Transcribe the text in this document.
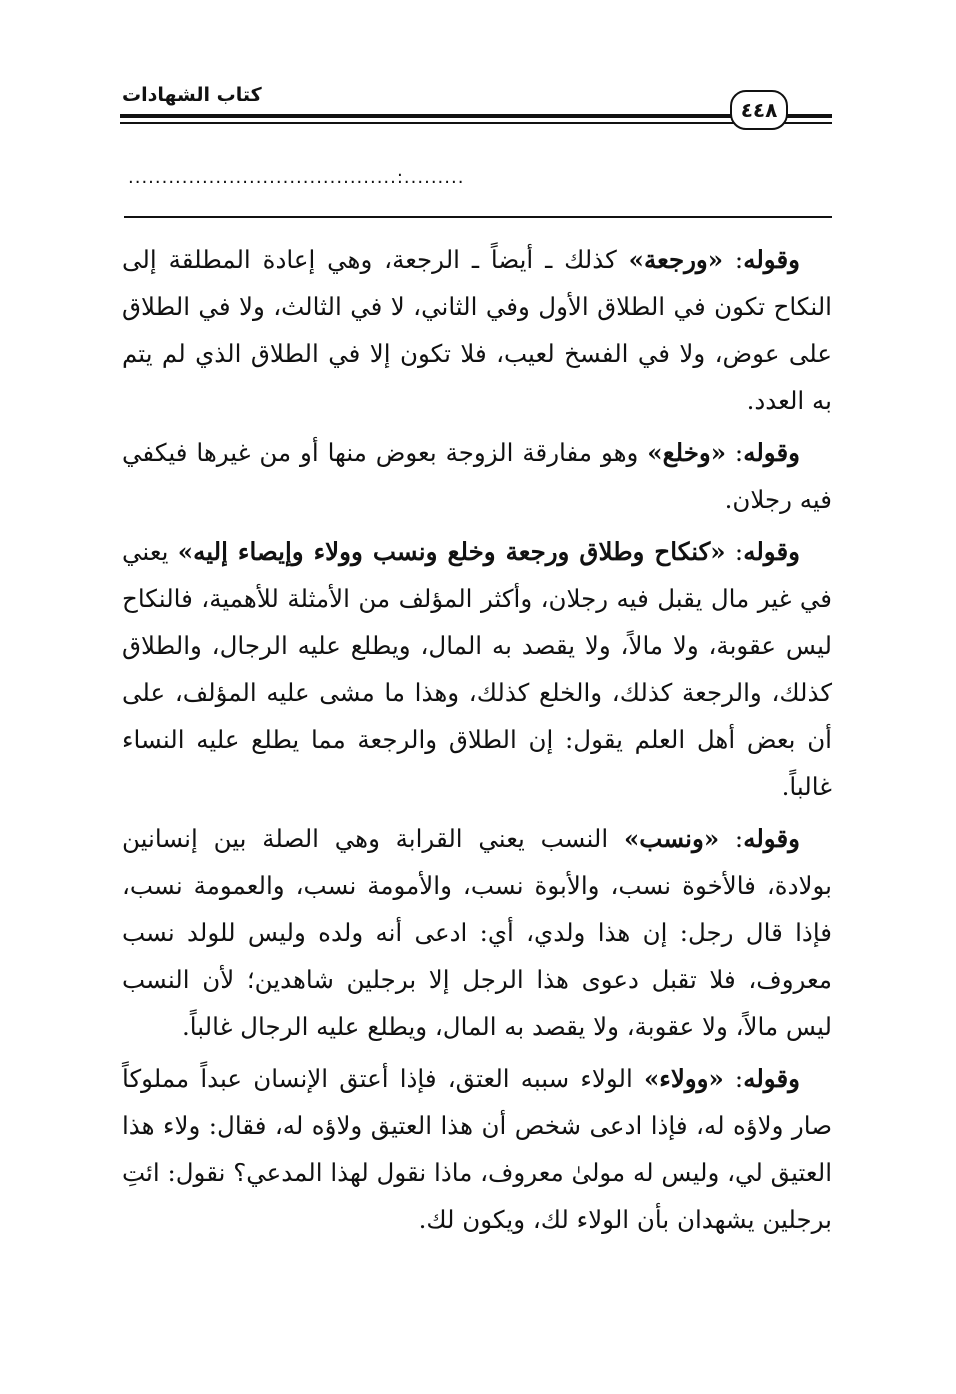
كتاب الشهادات
٤٤٨
........................................:.........

وقوله: «ورجعة» كذلك ـ أيضاً ـ الرجعة، وهي إعادة المطلقة إلى النكاح تكون في الطلاق الأول وفي الثاني، لا في الثالث، ولا في الطلاق على عوض، ولا في الفسخ لعيب، فلا تكون إلا في الطلاق الذي لم يتم به العدد.

وقوله: «وخلع» وهو مفارقة الزوجة بعوض منها أو من غيرها فيكفي فيه رجلان.

وقوله: «كنكاح وطلاق ورجعة وخلع ونسب وولاء وإيصاء إليه» يعني في غير مال يقبل فيه رجلان، وأكثر المؤلف من الأمثلة للأهمية، فالنكاح ليس عقوبة، ولا مالاً، ولا يقصد به المال، ويطلع عليه الرجال، والطلاق كذلك، والرجعة كذلك، والخلع كذلك، وهذا ما مشى عليه المؤلف، على أن بعض أهل العلم يقول: إن الطلاق والرجعة مما يطلع عليه النساء غالباً.

وقوله: «ونسب» النسب يعني القرابة وهي الصلة بين إنسانين بولادة، فالأخوة نسب، والأبوة نسب، والأمومة نسب، والعمومة نسب، فإذا قال رجل: إن هذا ولدي، أي: ادعى أنه ولده وليس للولد نسب معروف، فلا تقبل دعوى هذا الرجل إلا برجلين شاهدين؛ لأن النسب ليس مالاً، ولا عقوبة، ولا يقصد به المال، ويطلع عليه الرجال غالباً.

وقوله: «وولاء» الولاء سببه العتق، فإذا أعتق الإنسان عبداً مملوكاً صار ولاؤه له، فإذا ادعى شخص أن هذا العتيق ولاؤه له، فقال: ولاء هذا العتيق لي، وليس له مولىٰ معروف، ماذا نقول لهذا المدعي؟ نقول: ائتِ برجلين يشهدان بأن الولاء لك، ويكون لك.
